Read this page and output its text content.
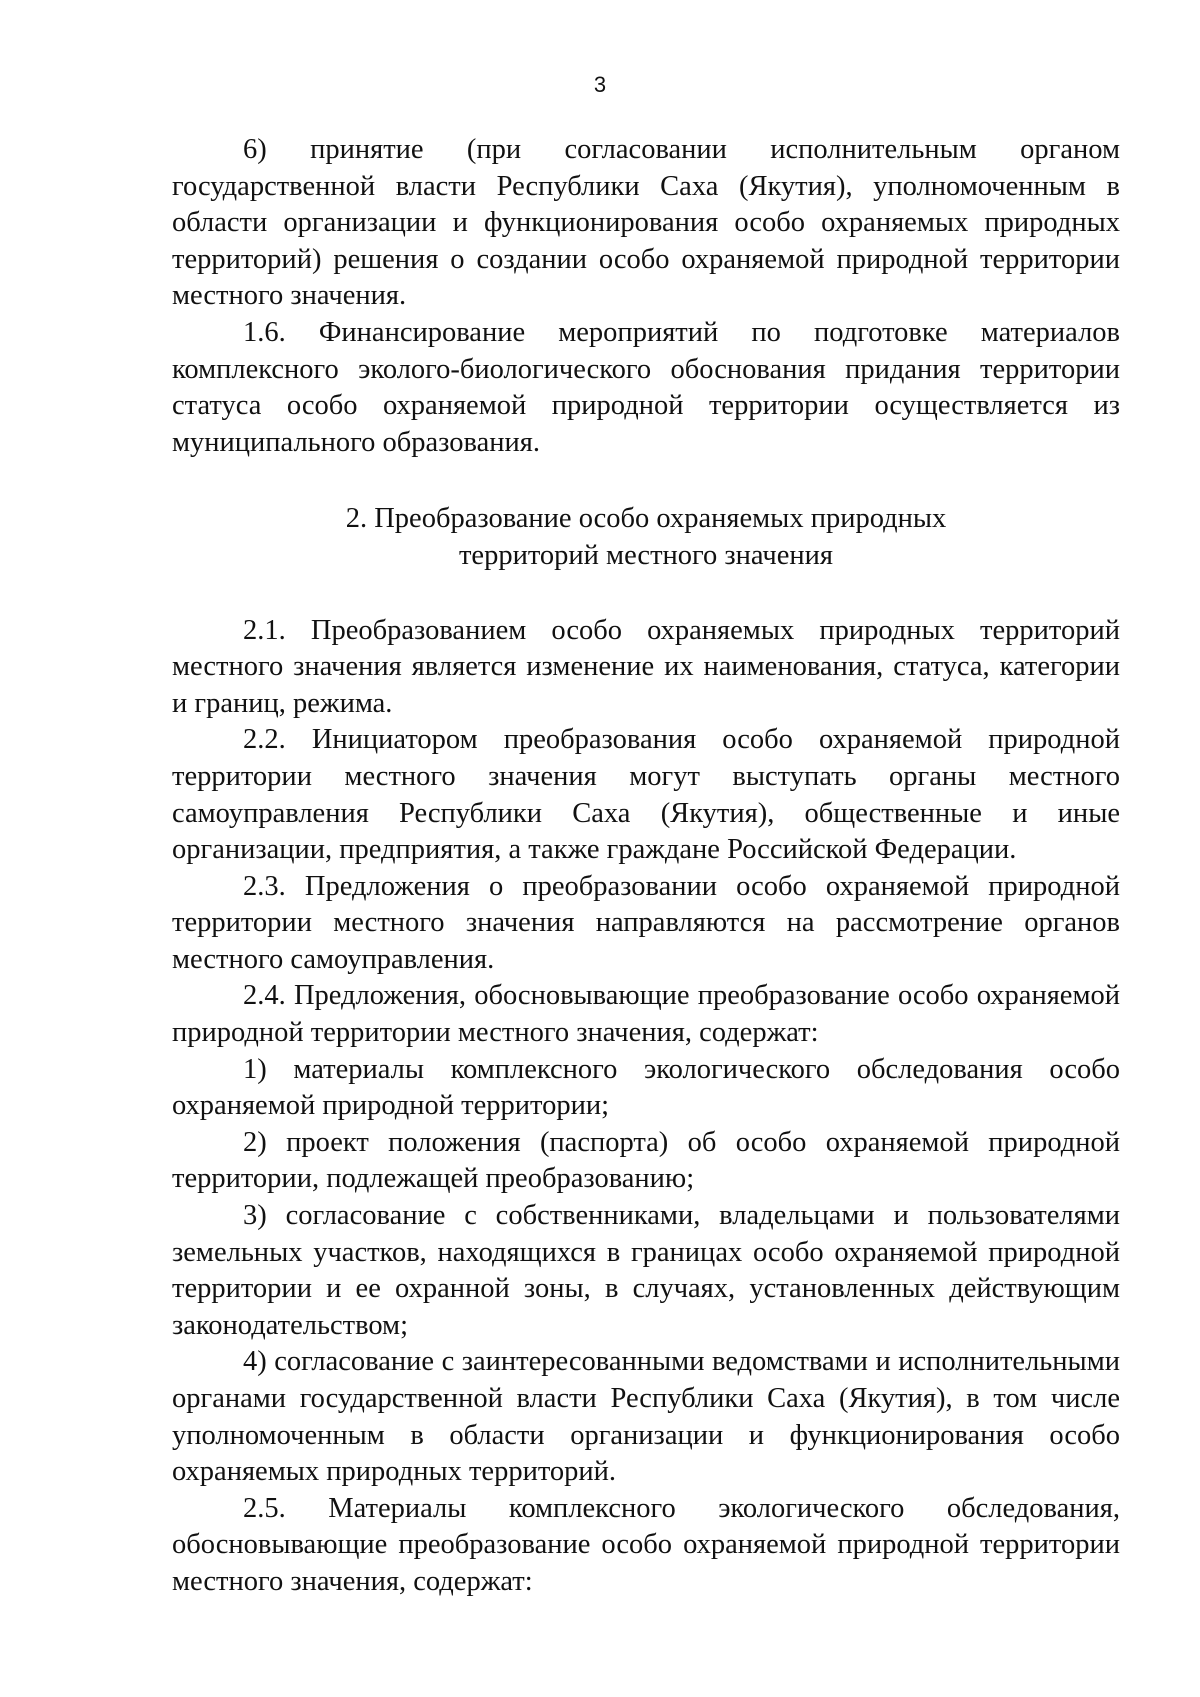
3

6) принятие (при согласовании исполнительным органом государственной власти Республики Саха (Якутия), уполномоченным в области организации и функционирования особо охраняемых природных территорий) решения о создании особо охраняемой природной территории местного значения.

1.6. Финансирование мероприятий по подготовке материалов комплексного эколого-биологического обоснования придания территории статуса особо охраняемой природной территории осуществляется из муниципального образования.

2. Преобразование особо охраняемых природных
территорий местного значения

2.1. Преобразованием особо охраняемых природных территорий местного значения является изменение их наименования, статуса, категории и границ, режима.

2.2. Инициатором преобразования особо охраняемой природной территории местного значения могут выступать органы местного самоуправления Республики Саха (Якутия), общественные и иные организации, предприятия, а также граждане Российской Федерации.

2.3. Предложения о преобразовании особо охраняемой природной территории местного значения направляются на рассмотрение органов местного самоуправления.

2.4. Предложения, обосновывающие преобразование особо охраняемой природной территории местного значения, содержат:

1) материалы комплексного экологического обследования особо охраняемой природной территории;

2) проект положения (паспорта) об особо охраняемой природной территории, подлежащей преобразованию;

3) согласование с собственниками, владельцами и пользователями земельных участков, находящихся в границах особо охраняемой природной территории и ее охранной зоны, в случаях, установленных действующим законодательством;

4) согласование с заинтересованными ведомствами и исполнительными органами государственной власти Республики Саха (Якутия), в том числе уполномоченным в области организации и функционирования особо охраняемых природных территорий.

2.5. Материалы комплексного экологического обследования, обосновывающие преобразование особо охраняемой природной территории местного значения, содержат:
